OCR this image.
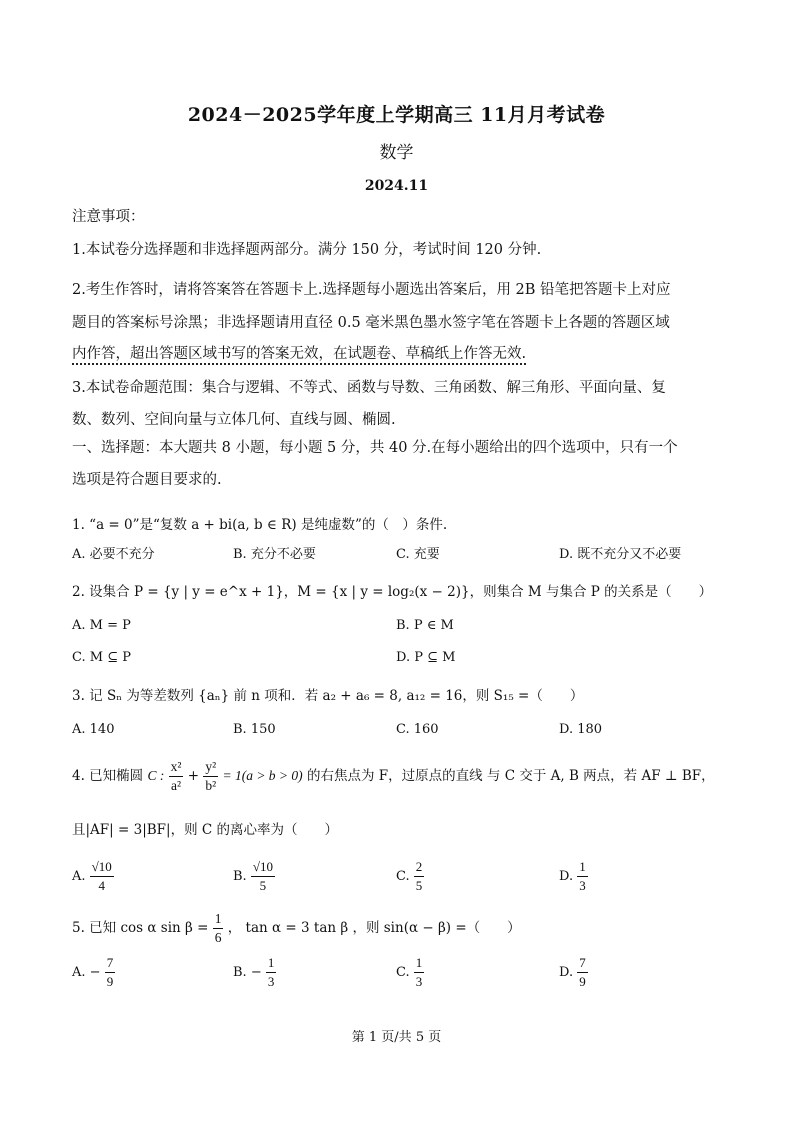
2024－2025学年度上学期高三 11月月考试卷
数学
2024.11
注意事项：
1.本试卷分选择题和非选择题两部分。满分 150 分，考试时间 120 分钟.
2.考生作答时，请将答案答在答题卡上.选择题每小题选出答案后，用 2B 铅笔把答题卡上对应
题目的答案标号涂黑；非选择题请用直径 0.5 毫米黑色墨水签字笔在答题卡上各题的答题区域
内作答，超出答题区域书写的答案无效，在试题卷、草稿纸上作答无效.
3.本试卷命题范围：集合与逻辑、不等式、函数与导数、三角函数、解三角形、平面向量、复
数、数列、空间向量与立体几何、直线与圆、椭圆.
一、选择题：本大题共 8 小题，每小题 5 分，共 40 分.在每小题给出的四个选项中，只有一个
选项是符合题目要求的.
1. “a = 0”是“复数 a + bi(a, b ∈ R) 是纯虚数”的（　）条件.
A. 必要不充分	B. 充分不必要	C. 充要	D. 既不充分又不必要
2. 设集合 P = {y | y = e^x + 1}，M = {x | y = log₂(x − 2)}，则集合 M 与集合 P 的关系是（　　）
A. M = P	B. P ∈ M
C. M ⊆ P	D. P ⊆ M
3. 记 Sₙ 为等差数列 {aₙ} 前 n 项和．若 a₂ + a₆ = 8, a₁₂ = 16，则 S₁₅ =（　　）
A. 140	B. 150	C. 160	D. 180
4. 已知椭圆 C : $\frac{\text{x²}}{\text{a²}} + \frac{\text{y²}}{\text{b²}} = 1(a > b > 0)$ 的右焦点为 F，过原点的直线 与 C 交于 A, B 两点，若 AF ⊥ BF，
且|AF| = 3|BF|，则 C 的离心率为（　　）
A. $\frac{√10}{4}$	B. $\frac{√10}{5}$	C. $\frac{2}{5}$	D. $\frac{1}{3}$
5. 已知 cos α $\sin \beta = \frac{1}{6}$ ， tan α = 3 tan β ，则 sin(α − β) =（　　）
A. − $\frac{7}{9}$	B. − $\frac{1}{3}$	C. $\frac{1}{3}$	D. $\frac{7}{9}$
第 1 页/共 5 页
